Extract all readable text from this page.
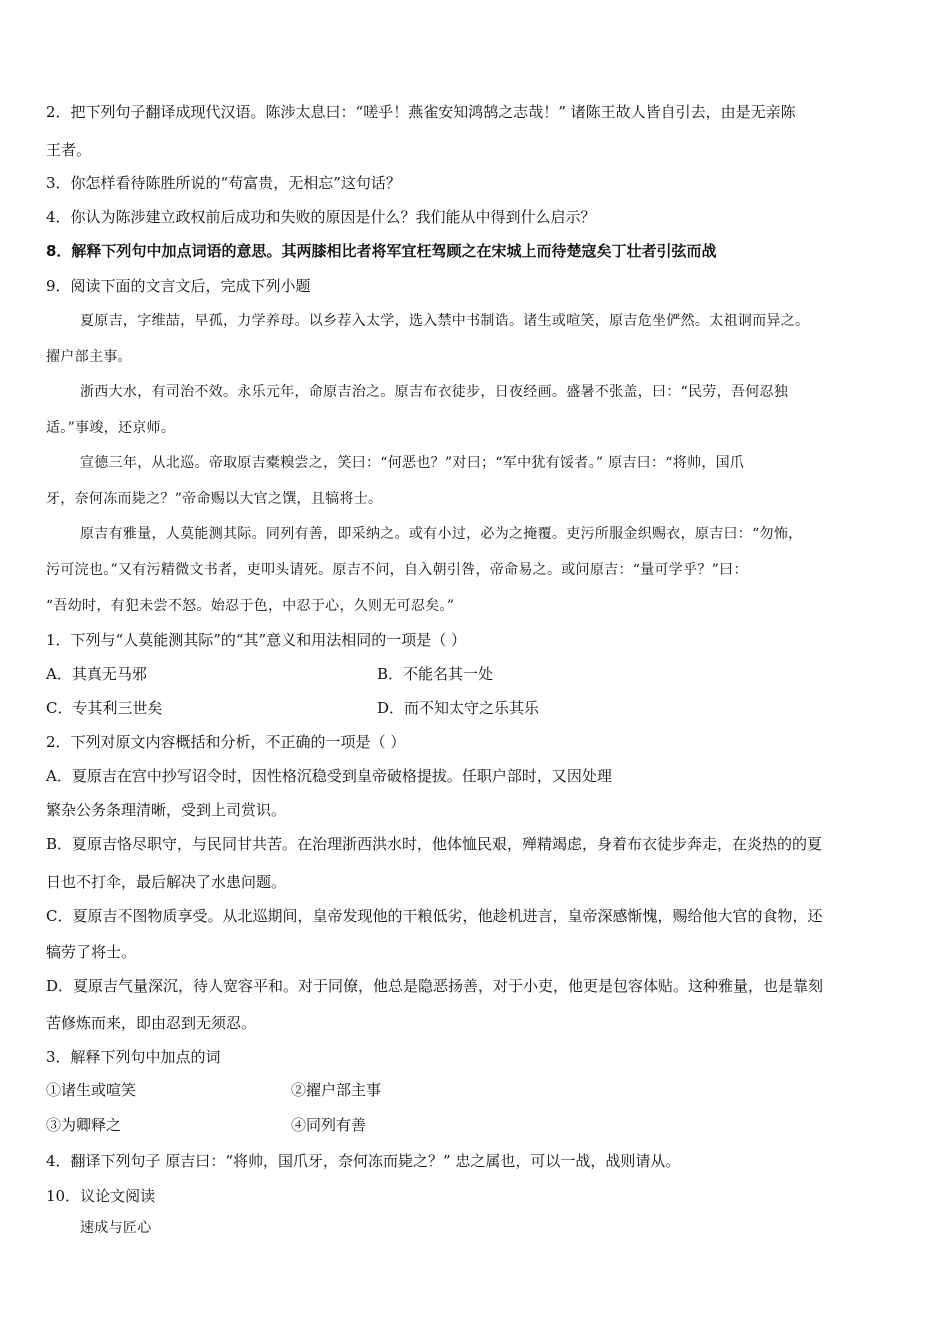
2．把下列句子翻译成现代汉语。陈涉太息曰：“嗟乎！燕雀安知鸿鹄之志哉！” 诸陈王故人皆自引去，由是无亲陈
王者。
3．你怎样看待陈胜所说的“苟富贵，无相忘”这句话？
4．你认为陈涉建立政权前后成功和失败的原因是什么？我们能从中得到什么启示？
8．解释下列句中加点词语的意思。其两膝相比者将军宜枉驾顾之在宋城上而待楚寇矣丁壮者引弦而战
9．阅读下面的文言文后，完成下列小题
夏原吉，字维喆，早孤，力学养母。以乡荐入太学，选入禁中书制诰。诸生或喧笑，原吉危坐俨然。太祖诇而异之。
擢户部主事。
浙西大水，有司治不效。永乐元年，命原吉治之。原吉布衣徒步，日夜经画。盛暑不张盖，曰：“民劳，吾何忍独
适。”事竣，还京师。
宣德三年，从北巡。帝取原吉橐糗尝之，笑曰：“何恶也？”对曰；“军中犹有馁者。” 原吉曰：“将帅，国爪
牙，奈何冻而毙之？”帝命赐以大官之馔，且犒将士。
原吉有雅量，人莫能测其际。同列有善，即采纳之。或有小过，必为之掩覆。吏污所服金织赐衣，原吉曰：“勿怖，
污可浣也。”又有污精微文书者，吏叩头请死。原吉不问，自入朝引咎，帝命易之。或问原吉：“量可学乎？”曰：
“吾幼时，有犯未尝不怒。始忍于色，中忍于心，久则无可忍矣。”
1．下列与“人莫能测其际”的“其”意义和用法相同的一项是（ ）
A．其真无马邪	B．不能名其一处
C．专其利三世矣	D．而不知太守之乐其乐
2．下列对原文内容概括和分析，不正确的一项是（ ）
A．夏原吉在宫中抄写诏令时，因性格沉稳受到皇帝破格提拔。任职户部时，又因处理
繁杂公务条理清晰，受到上司赏识。
B．夏原吉恪尽职守，与民同甘共苦。在治理浙西洪水时，他体恤民艰，殚精竭虑，身着布衣徒步奔走，在炎热的的夏
日也不打伞，最后解决了水患问题。
C．夏原吉不图物质享受。从北巡期间，皇帝发现他的干粮低劣，他趁机进言，皇帝深感惭愧，赐给他大官的食物，还
犒劳了将士。
D．夏原吉气量深沉，待人宽容平和。对于同僚，他总是隐恶扬善，对于小吏，他更是包容体贴。这种雅量，也是靠刻
苦修炼而来，即由忍到无须忍。
3．解释下列句中加点的词
①诸生或喧笑	②擢户部主事
③为卿释之	④同列有善
4．翻译下列句子 原吉曰：“将帅，国爪牙，奈何冻而毙之？” 忠之属也，可以一战，战则请从。
10．议论文阅读
速成与匠心
